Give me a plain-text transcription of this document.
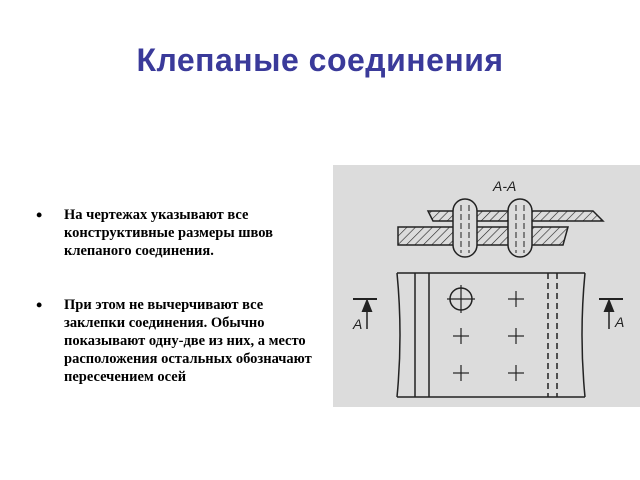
Клепаные соединения
• На чертежах указывают все конструктивные размеры швов клепаного соединения.
• При этом не вычерчивают все заклепки соединения. Обычно показывают одну-две из них, а место расположения остальных обозначают пересечением осей
A-A
A	A
